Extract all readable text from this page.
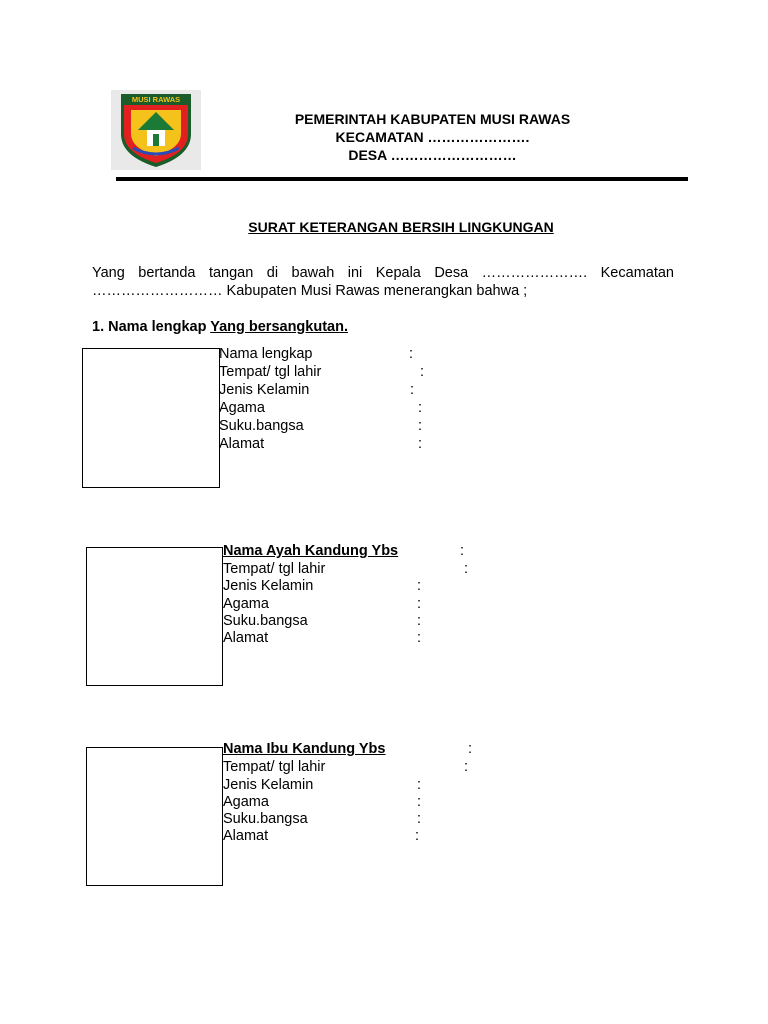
MUSI RAWAS
PEMERINTAH KABUPATEN MUSI RAWAS
KECAMATAN ………………….
DESA ………………………
SURAT KETERANGAN BERSIH LINGKUNGAN
Yang bertanda tangan di bawah ini Kepala Desa …………………. Kecamatan
……………………… Kabupaten Musi Rawas menerangkan bahwa ;
1. Nama lengkap Yang bersangkutan.
Nama lengkap	:
Tempat/ tgl lahir	:
Jenis Kelamin	:
Agama	:
Suku.bangsa	:
Alamat	:
Nama Ayah Kandung Ybs	:
Tempat/ tgl lahir	:
Jenis Kelamin	:
Agama	:
Suku.bangsa	:
Alamat	:
Nama Ibu Kandung Ybs	:
Tempat/ tgl lahir	:
Jenis Kelamin	:
Agama	:
Suku.bangsa	:
Alamat	:
